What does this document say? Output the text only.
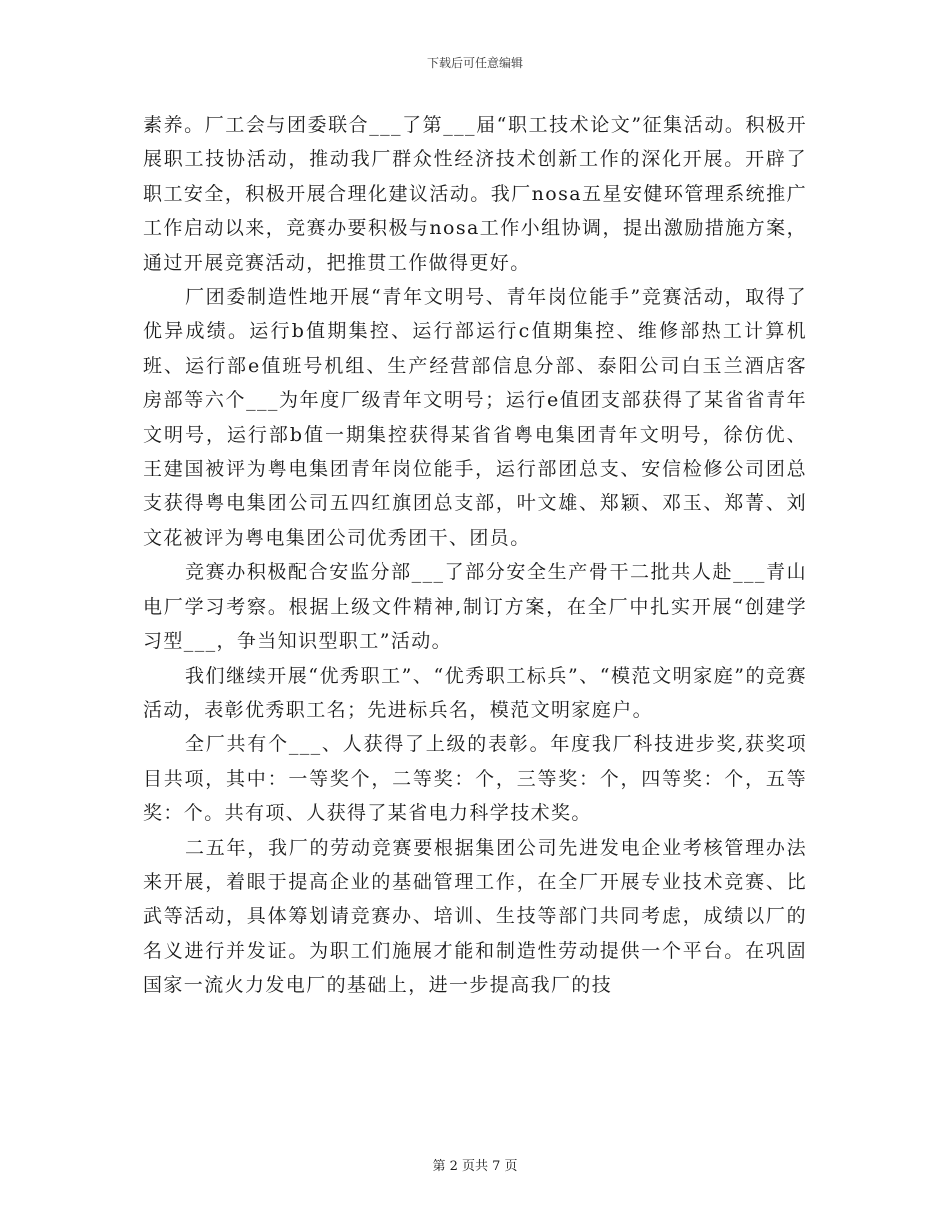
下载后可任意编辑

素养。厂工会与团委联合___了第___届“职工技术论文”征集活动。积极开展职工技协活动，推动我厂群众性经济技术创新工作的深化开展。开辟了职工安全，积极开展合理化建议活动。我厂nosa五星安健环管理系统推广工作启动以来，竞赛办要积极与nosa工作小组协调，提出激励措施方案，通过开展竞赛活动，把推贯工作做得更好。

厂团委制造性地开展“青年文明号、青年岗位能手”竞赛活动，取得了优异成绩。运行b值期集控、运行部运行c值期集控、维修部热工计算机班、运行部e值班号机组、生产经营部信息分部、泰阳公司白玉兰酒店客房部等六个___为年度厂级青年文明号；运行e值团支部获得了某省省青年文明号，运行部b值一期集控获得某省省粤电集团青年文明号，徐仿优、王建国被评为粤电集团青年岗位能手，运行部团总支、安信检修公司团总支获得粤电集团公司五四红旗团总支部，叶文雄、郑颖、邓玉、郑菁、刘文花被评为粤电集团公司优秀团干、团员。

竞赛办积极配合安监分部___了部分安全生产骨干二批共人赴___青山电厂学习考察。根据上级文件精神,制订方案，在全厂中扎实开展“创建学习型___，争当知识型职工”活动。

我们继续开展“优秀职工”、“优秀职工标兵”、“模范文明家庭”的竞赛活动，表彰优秀职工名；先进标兵名，模范文明家庭户。

全厂共有个___、人获得了上级的表彰。年度我厂科技进步奖,获奖项目共项，其中：一等奖个，二等奖：个，三等奖：个，四等奖：个，五等奖：个。共有项、人获得了某省电力科学技术奖。

二五年，我厂的劳动竞赛要根据集团公司先进发电企业考核管理办法来开展，着眼于提高企业的基础管理工作，在全厂开展专业技术竞赛、比武等活动，具体筹划请竞赛办、培训、生技等部门共同考虑，成绩以厂的名义进行并发证。为职工们施展才能和制造性劳动提供一个平台。在巩固国家一流火力发电厂的基础上，进一步提高我厂的技

第 2 页共 7 页
